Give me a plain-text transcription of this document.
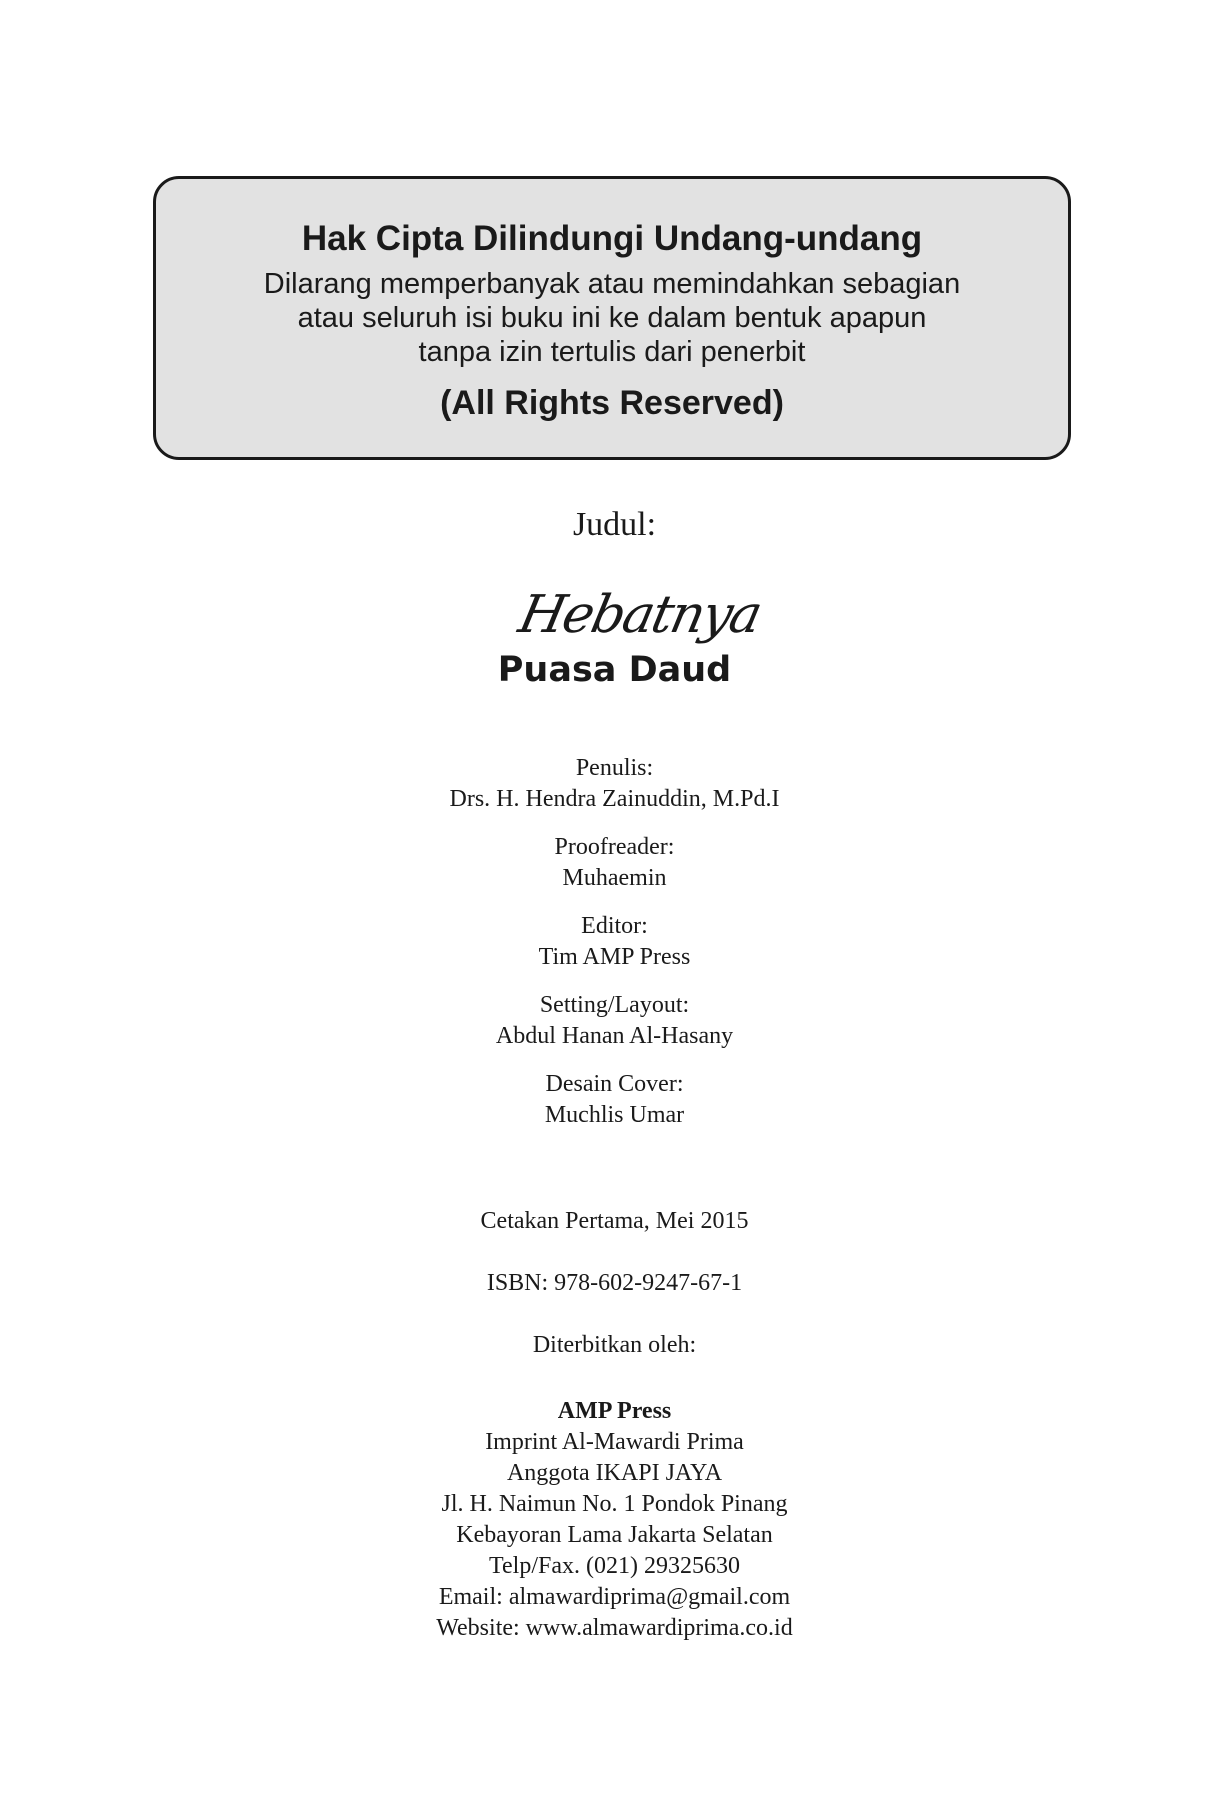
Hak Cipta Dilindungi Undang-undang
Dilarang memperbanyak atau memindahkan sebagian
atau seluruh isi buku ini ke dalam bentuk apapun
tanpa izin tertulis dari penerbit
(All Rights Reserved)
Judul:
Hebatnya
Puasa Daud
Penulis:
Drs. H. Hendra Zainuddin, M.Pd.I
Proofreader:
Muhaemin
Editor:
Tim AMP Press
Setting/Layout:
Abdul Hanan Al-Hasany
Desain Cover:
Muchlis Umar
Cetakan Pertama, Mei 2015
ISBN: 978-602-9247-67-1
Diterbitkan oleh:
AMP Press
Imprint Al-Mawardi Prima
Anggota IKAPI JAYA
Jl. H. Naimun No. 1 Pondok Pinang
Kebayoran Lama Jakarta Selatan
Telp/Fax. (021) 29325630
Email: almawardiprima@gmail.com
Website: www.almawardiprima.co.id
